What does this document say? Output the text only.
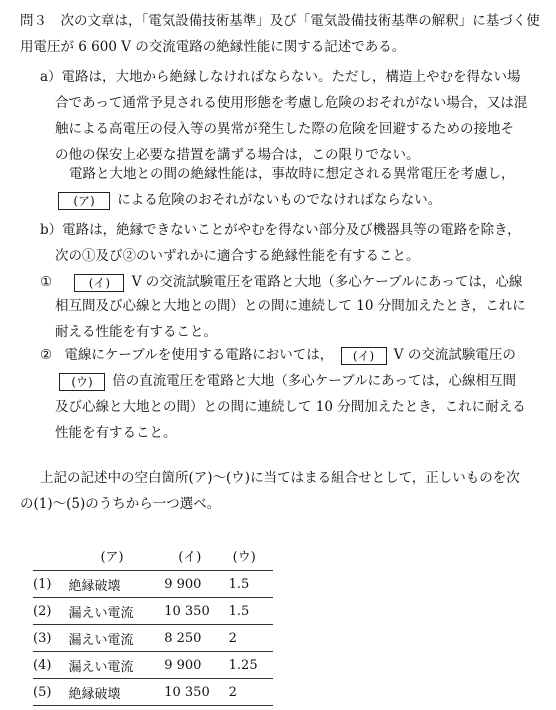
問３　次の文章は，「電気設備技術基準」及び「電気設備技術基準の解釈」に基づく使
用電圧が 6 600 V の交流電路の絶縁性能に関する記述である。
a）電路は，大地から絶縁しなければならない。ただし，構造上やむを得ない場
合であって通常予見される使用形態を考慮し危険のおそれがない場合，又は混
触による高電圧の侵入等の異常が発生した際の危険を回避するための接地そ
の他の保安上必要な措置を講ずる場合は，この限りでない。
電路と大地との間の絶縁性能は，事故時に想定される異常電圧を考慮し，
(ア) による危険のおそれがないものでなければならない。
b）電路は，絶縁できないことがやむを得ない部分及び機器具等の電路を除き，
次の①及び②のいずれかに適合する絶縁性能を有すること。
①	(イ) V の交流試験電圧を電路と大地（多心ケーブルにあっては，心線
相互間及び心線と大地との間）との間に連続して 10 分間加えたとき，これに
耐える性能を有すること。
② 電線にケーブルを使用する電路においては， (イ) V の交流試験電圧の
(ウ) 倍の直流電圧を電路と大地（多心ケーブルにあっては，心線相互間
及び心線と大地との間）との間に連続して 10 分間加えたとき，これに耐える
性能を有すること。
上記の記述中の空白箇所(ア)～(ウ)に当てはまる組合せとして，正しいものを次
の(1)～(5)のうちから一つ選べ。
	(ア)	(イ)	(ウ)
(1)	絶縁破壊	9 900	1.5
(2)	漏えい電流	10 350	1.5
(3)	漏えい電流	8 250	2
(4)	漏えい電流	9 900	1.25
(5)	絶縁破壊	10 350	2
